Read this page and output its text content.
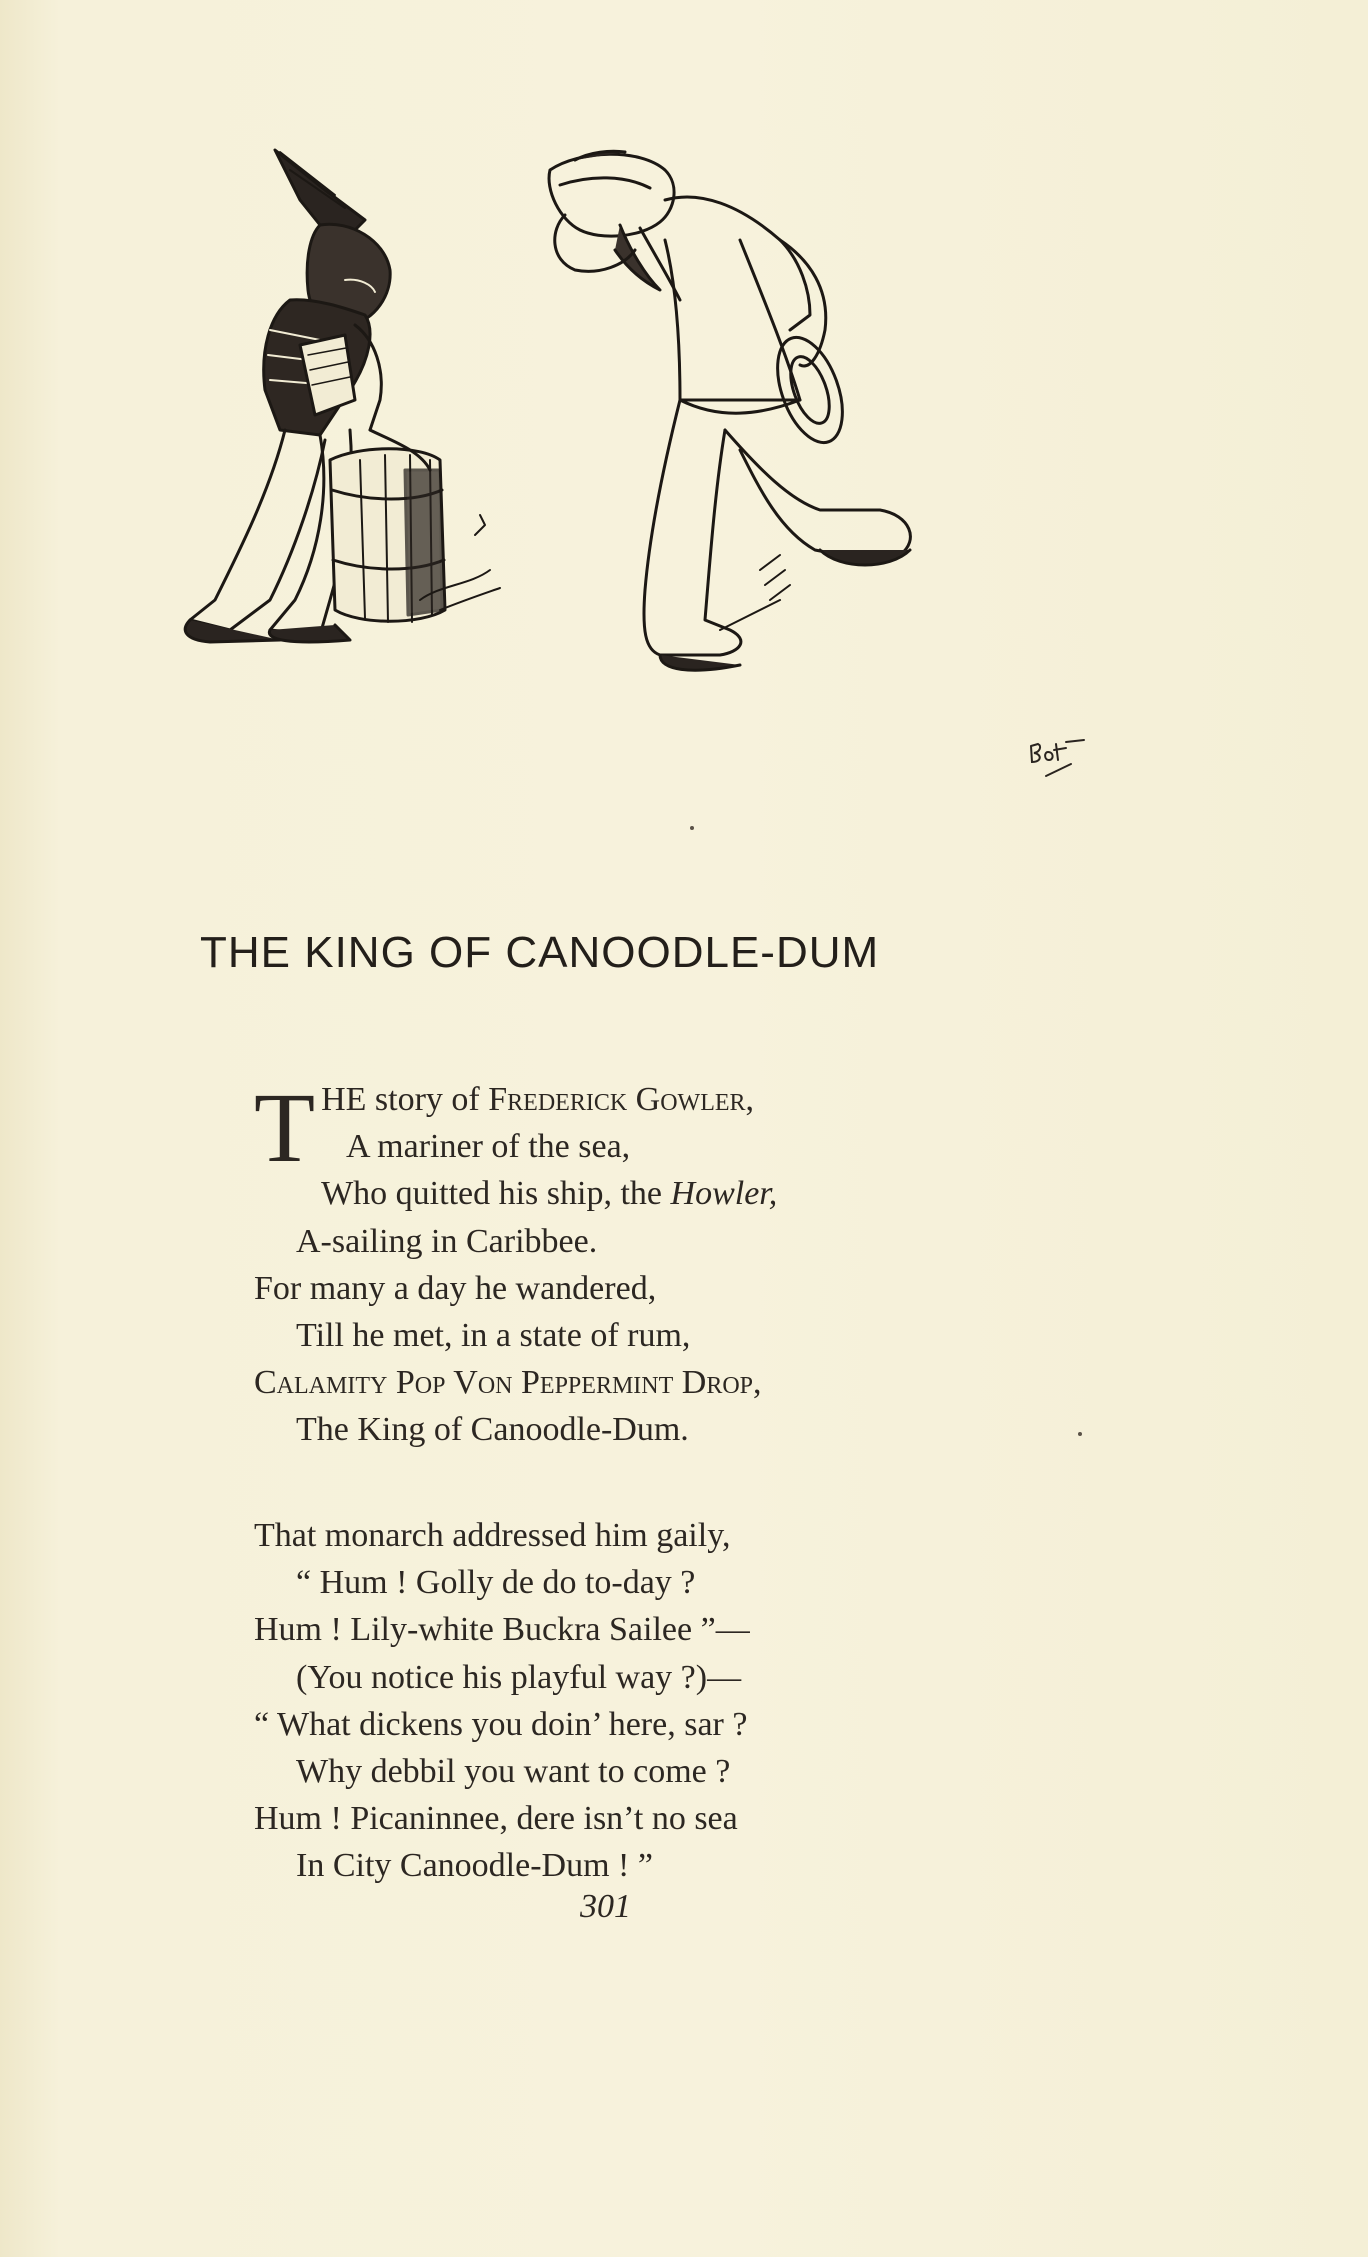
THE KING OF CANOODLE-DUM
THE story of Frederick Gowler,
A mariner of the sea,
Who quitted his ship, the Howler,
A-sailing in Caribbee.
For many a day he wandered,
Till he met, in a state of rum,
Calamity Pop Von Peppermint Drop,
The King of Canoodle-Dum.
That monarch addressed him gaily,
“ Hum ! Golly de do to-day ?
Hum ! Lily-white Buckra Sailee ”—
(You notice his playful way ?)—
“ What dickens you doin’ here, sar ?
Why debbil you want to come ?
Hum ! Picaninnee, dere isn’t no sea
In City Canoodle-Dum ! ”
301
